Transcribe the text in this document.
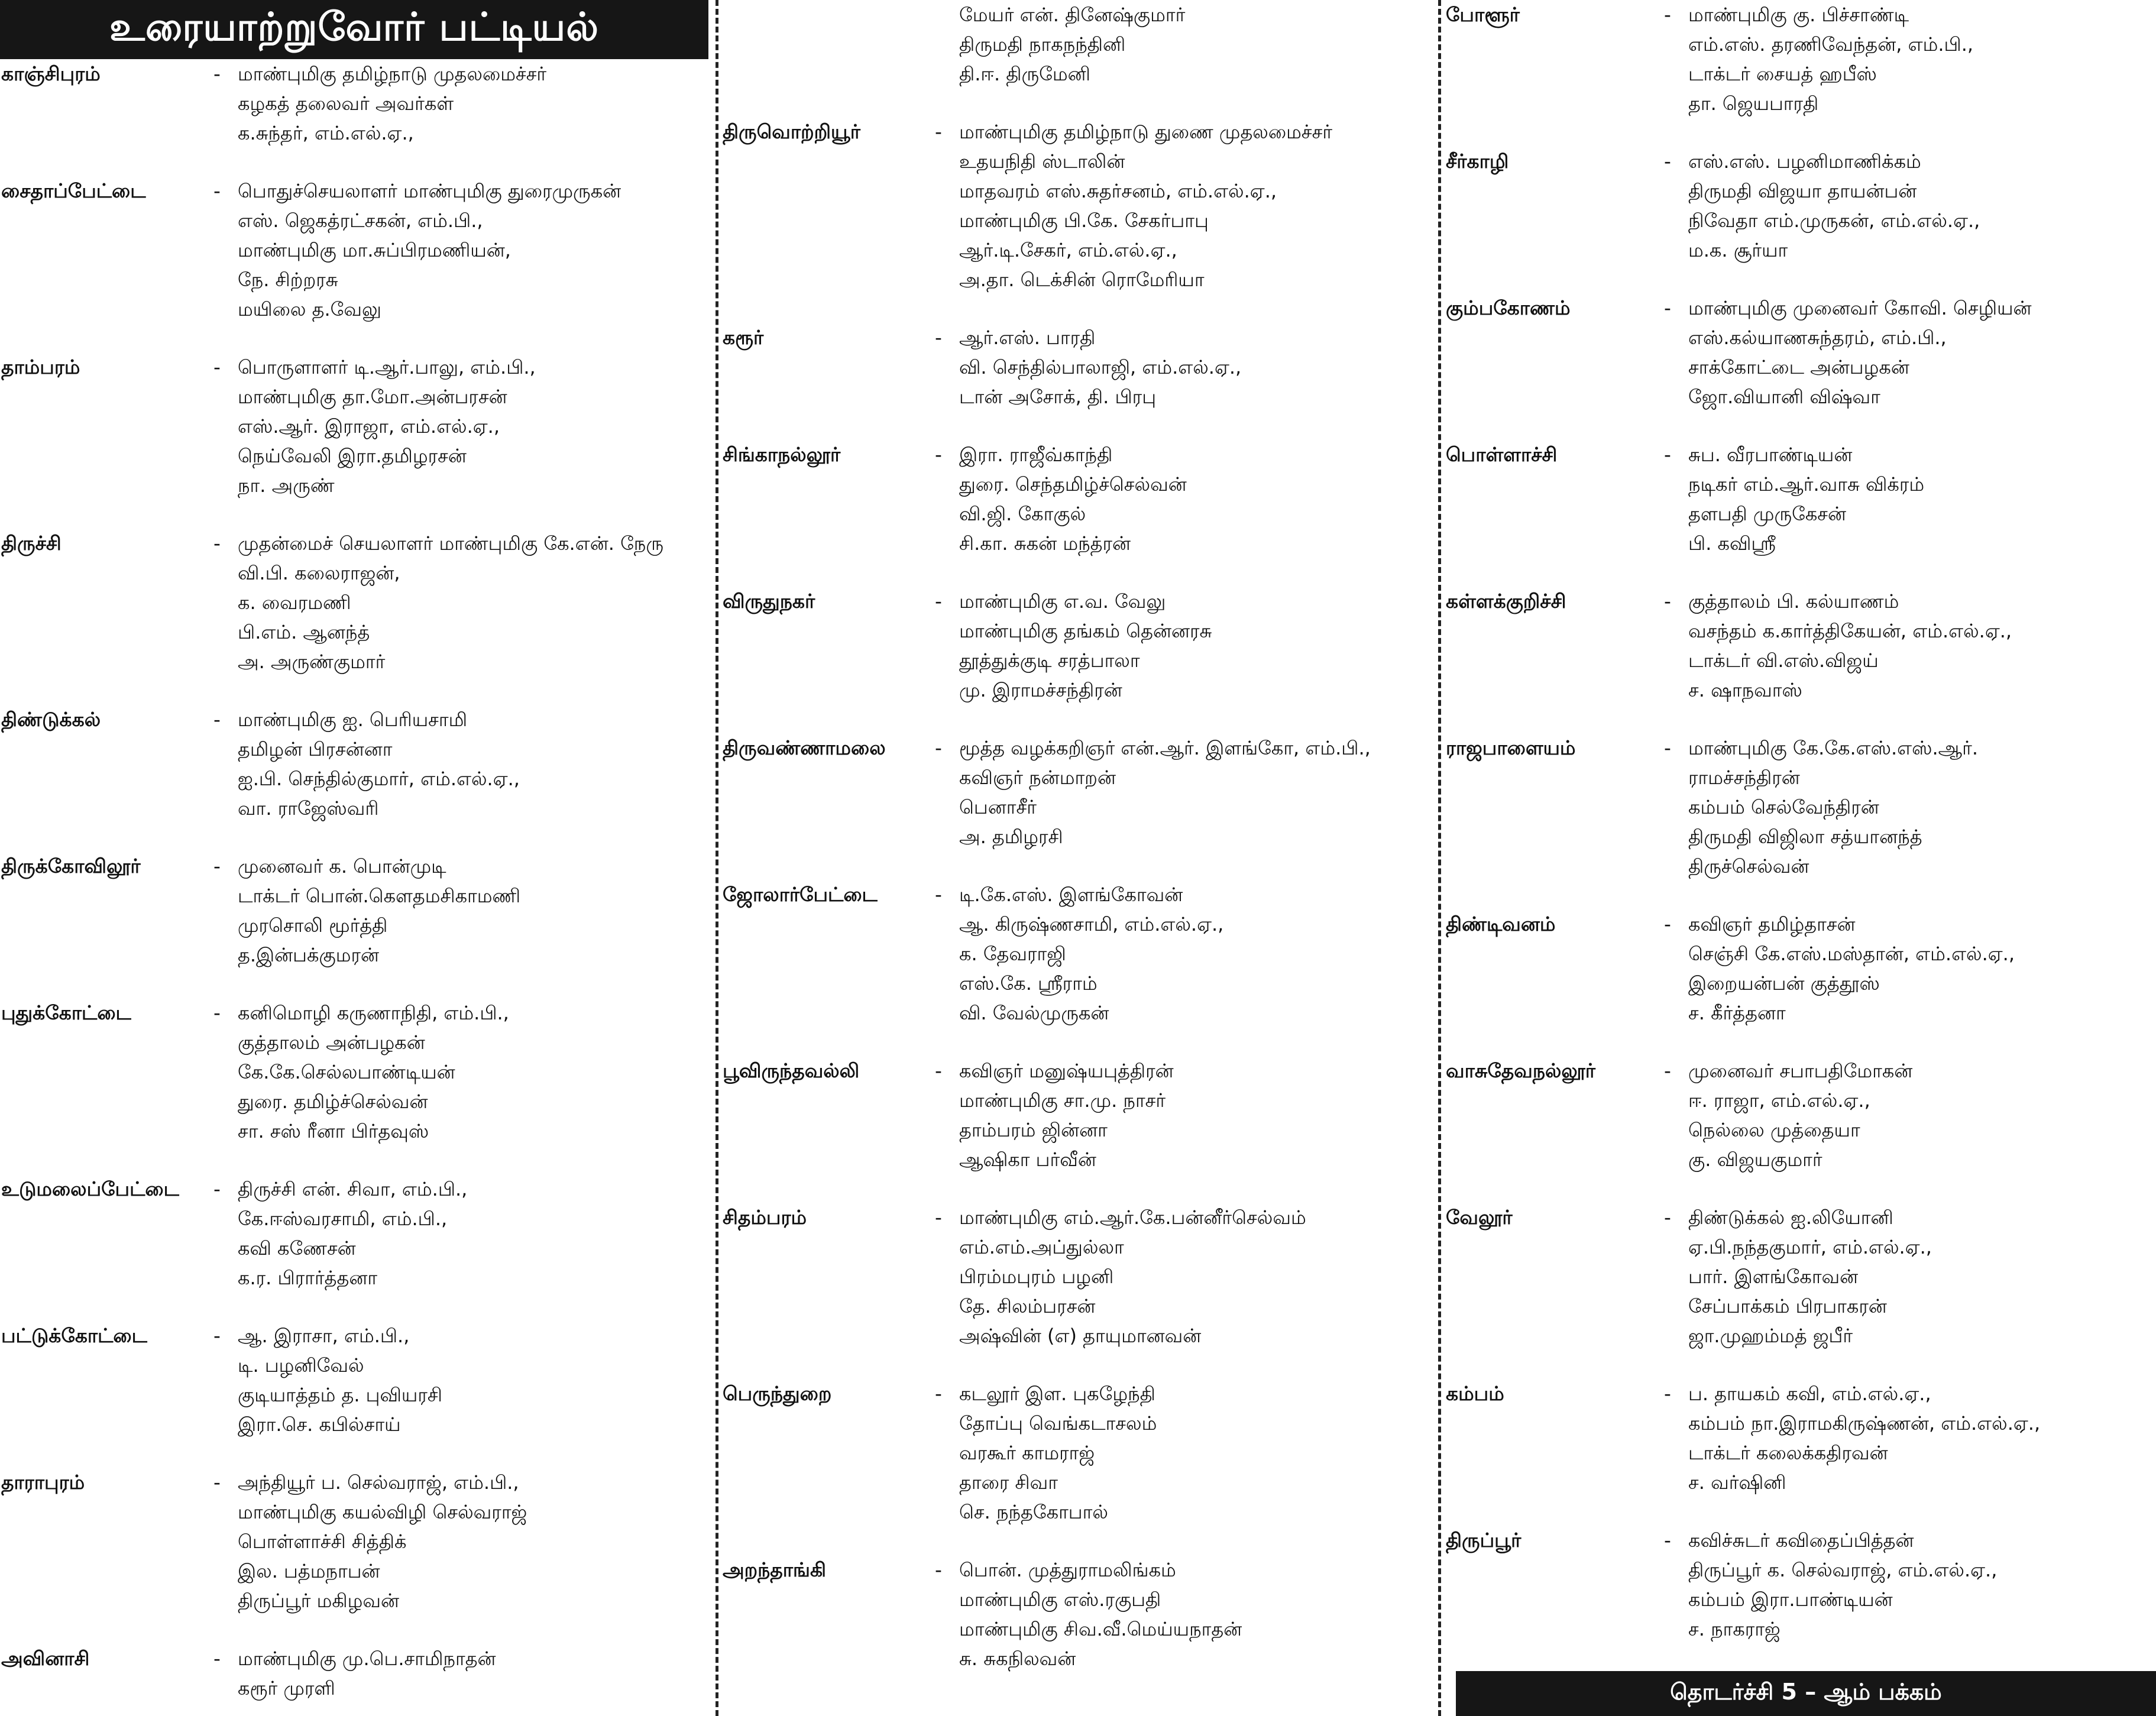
உரையாற்றுவோர் பட்டியல்
காஞ்சிபுரம்	- மாண்புமிகு தமிழ்நாடு முதலமைச்சர்
கழகத் தலைவர் அவர்கள்
க.சுந்தர், எம்.எல்.ஏ.,
சைதாப்பேட்டை	- பொதுச்செயலாளர் மாண்புமிகு துரைமுருகன்
எஸ். ஜெகத்ரட்சகன், எம்.பி.,
மாண்புமிகு மா.சுப்பிரமணியன்,
நே. சிற்றரசு
மயிலை த.வேலு
தாம்பரம்	- பொருளாளர் டி.ஆர்.பாலு, எம்.பி.,
மாண்புமிகு தா.மோ.அன்பரசன்
எஸ்.ஆர். இராஜா, எம்.எல்.ஏ.,
நெய்வேலி இரா.தமிழரசன்
நா. அருண்
திருச்சி	- முதன்மைச் செயலாளர் மாண்புமிகு கே.என். நேரு
வி.பி. கலைராஜன்,
க. வைரமணி
பி.எம். ஆனந்த்
அ. அருண்குமார்
திண்டுக்கல்	- மாண்புமிகு ஐ. பெரியசாமி
தமிழன் பிரசன்னா
ஐ.பி. செந்தில்குமார், எம்.எல்.ஏ.,
வா. ராஜேஸ்வரி
திருக்கோவிலூர்	- முனைவர் க. பொன்முடி
டாக்டர் பொன்.கௌதமசிகாமணி
முரசொலி மூர்த்தி
த.இன்பக்குமரன்
புதுக்கோட்டை	- கனிமொழி கருணாநிதி, எம்.பி.,
குத்தாலம் அன்பழகன்
கே.கே.செல்லபாண்டியன்
துரை. தமிழ்ச்செல்வன்
சா. சஸ் ரீனா பிர்தவுஸ்
உடுமலைப்பேட்டை	- திருச்சி என். சிவா, எம்.பி.,
கே.ஈஸ்வரசாமி, எம்.பி.,
கவி கணேசன்
க.ர. பிரார்த்தனா
பட்டுக்கோட்டை	- ஆ. இராசா, எம்.பி.,
டி. பழனிவேல்
குடியாத்தம் த. புவியரசி
இரா.செ. கபில்சாய்
தாராபுரம்	- அந்தியூர் ப. செல்வராஜ், எம்.பி.,
மாண்புமிகு கயல்விழி செல்வராஜ்
பொள்ளாச்சி சித்திக்
இல. பத்மநாபன்
திருப்பூர் மகிழவன்
அவினாசி	- மாண்புமிகு மு.பெ.சாமிநாதன்
கரூர் முரளி
மேயர் என். தினேஷ்குமார்
திருமதி நாகநந்தினி
தி.ஈ. திருமேனி
திருவொற்றியூர்	- மாண்புமிகு தமிழ்நாடு துணை முதலமைச்சர்
உதயநிதி ஸ்டாலின்
மாதவரம் எஸ்.சுதர்சனம், எம்.எல்.ஏ.,
மாண்புமிகு பி.கே. சேகர்பாபு
ஆர்.டி.சேகர், எம்.எல்.ஏ.,
அ.தா. டெக்சின் ரொமேரியா
கரூர்	- ஆர்.எஸ். பாரதி
வி. செந்தில்பாலாஜி, எம்.எல்.ஏ.,
டான் அசோக், தி. பிரபு
சிங்காநல்லூர்	- இரா. ராஜீவ்காந்தி
துரை. செந்தமிழ்ச்செல்வன்
வி.ஜி. கோகுல்
சி.கா. சுகன் மந்த்ரன்
விருதுநகர்	- மாண்புமிகு எ.வ. வேலு
மாண்புமிகு தங்கம் தென்னரசு
தூத்துக்குடி சரத்பாலா
மு. இராமச்சந்திரன்
திருவண்ணாமலை	- மூத்த வழக்கறிஞர் என்.ஆர். இளங்கோ, எம்.பி.,
கவிஞர் நன்மாறன்
பெனாசீர்
அ. தமிழரசி
ஜோலார்பேட்டை	- டி.கே.எஸ். இளங்கோவன்
ஆ. கிருஷ்ணசாமி, எம்.எல்.ஏ.,
க. தேவராஜி
எஸ்.கே. ஸ்ரீராம்
வி. வேல்முருகன்
பூவிருந்தவல்லி	- கவிஞர் மனுஷ்யபுத்திரன்
மாண்புமிகு சா.மு. நாசர்
தாம்பரம் ஜின்னா
ஆஷிகா பர்வீன்
சிதம்பரம்	- மாண்புமிகு எம்.ஆர்.கே.பன்னீர்செல்வம்
எம்.எம்.அப்துல்லா
பிரம்மபுரம் பழனி
தே. சிலம்பரசன்
அஷ்வின் (எ) தாயுமானவன்
பெருந்துறை	- கடலூர் இள. புகழேந்தி
தோப்பு வெங்கடாசலம்
வரகூர் காமராஜ்
தாரை சிவா
செ. நந்தகோபால்
அறந்தாங்கி	- பொன். முத்துராமலிங்கம்
மாண்புமிகு எஸ்.ரகுபதி
மாண்புமிகு சிவ.வீ.மெய்யநாதன்
சு. சுகநிலவன்
போளூர்	- மாண்புமிகு கு. பிச்சாண்டி
எம்.எஸ். தரணிவேந்தன், எம்.பி.,
டாக்டர் சையத் ஹபீஸ்
தா. ஜெயபாரதி
சீர்காழி	- எஸ்.எஸ். பழனிமாணிக்கம்
திருமதி விஜயா தாயன்பன்
நிவேதா எம்.முருகன், எம்.எல்.ஏ.,
ம.க. சூர்யா
கும்பகோணம்	- மாண்புமிகு முனைவர் கோவி. செழியன்
எஸ்.கல்யாணசுந்தரம், எம்.பி.,
சாக்கோட்டை அன்பழகன்
ஜோ.வியானி விஷ்வா
பொள்ளாச்சி	- சுப. வீரபாண்டியன்
நடிகர் எம்.ஆர்.வாசு விக்ரம்
தளபதி முருகேசன்
பி. கவிஸ்ரீ
கள்ளக்குறிச்சி	- குத்தாலம் பி. கல்யாணம்
வசந்தம் க.கார்த்திகேயன், எம்.எல்.ஏ.,
டாக்டர் வி.எஸ்.விஜய்
ச. ஷாநவாஸ்
ராஜபாளையம்	- மாண்புமிகு கே.கே.எஸ்.எஸ்.ஆர்.
ராமச்சந்திரன்
கம்பம் செல்வேந்திரன்
திருமதி விஜிலா சத்யானந்த்
திருச்செல்வன்
திண்டிவனம்	- கவிஞர் தமிழ்தாசன்
செஞ்சி கே.எஸ்.மஸ்தான், எம்.எல்.ஏ.,
இறையன்பன் குத்தூஸ்
ச. கீர்த்தனா
வாசுதேவநல்லூர்	- முனைவர் சபாபதிமோகன்
ஈ. ராஜா, எம்.எல்.ஏ.,
நெல்லை முத்தையா
கு. விஜயகுமார்
வேலூர்	- திண்டுக்கல் ஐ.லியோனி
ஏ.பி.நந்தகுமார், எம்.எல்.ஏ.,
பார். இளங்கோவன்
சேப்பாக்கம் பிரபாகரன்
ஜா.முஹம்மத் ஜபீர்
கம்பம்	- ப. தாயகம் கவி, எம்.எல்.ஏ.,
கம்பம் நா.இராமகிருஷ்ணன், எம்.எல்.ஏ.,
டாக்டர் கலைக்கதிரவன்
ச. வர்ஷினி
திருப்பூர்	- கவிச்சுடர் கவிதைப்பித்தன்
திருப்பூர் க. செல்வராஜ், எம்.எல்.ஏ.,
கம்பம் இரா.பாண்டியன்
ச. நாகராஜ்
தொடர்ச்சி 5 – ஆம் பக்கம்
